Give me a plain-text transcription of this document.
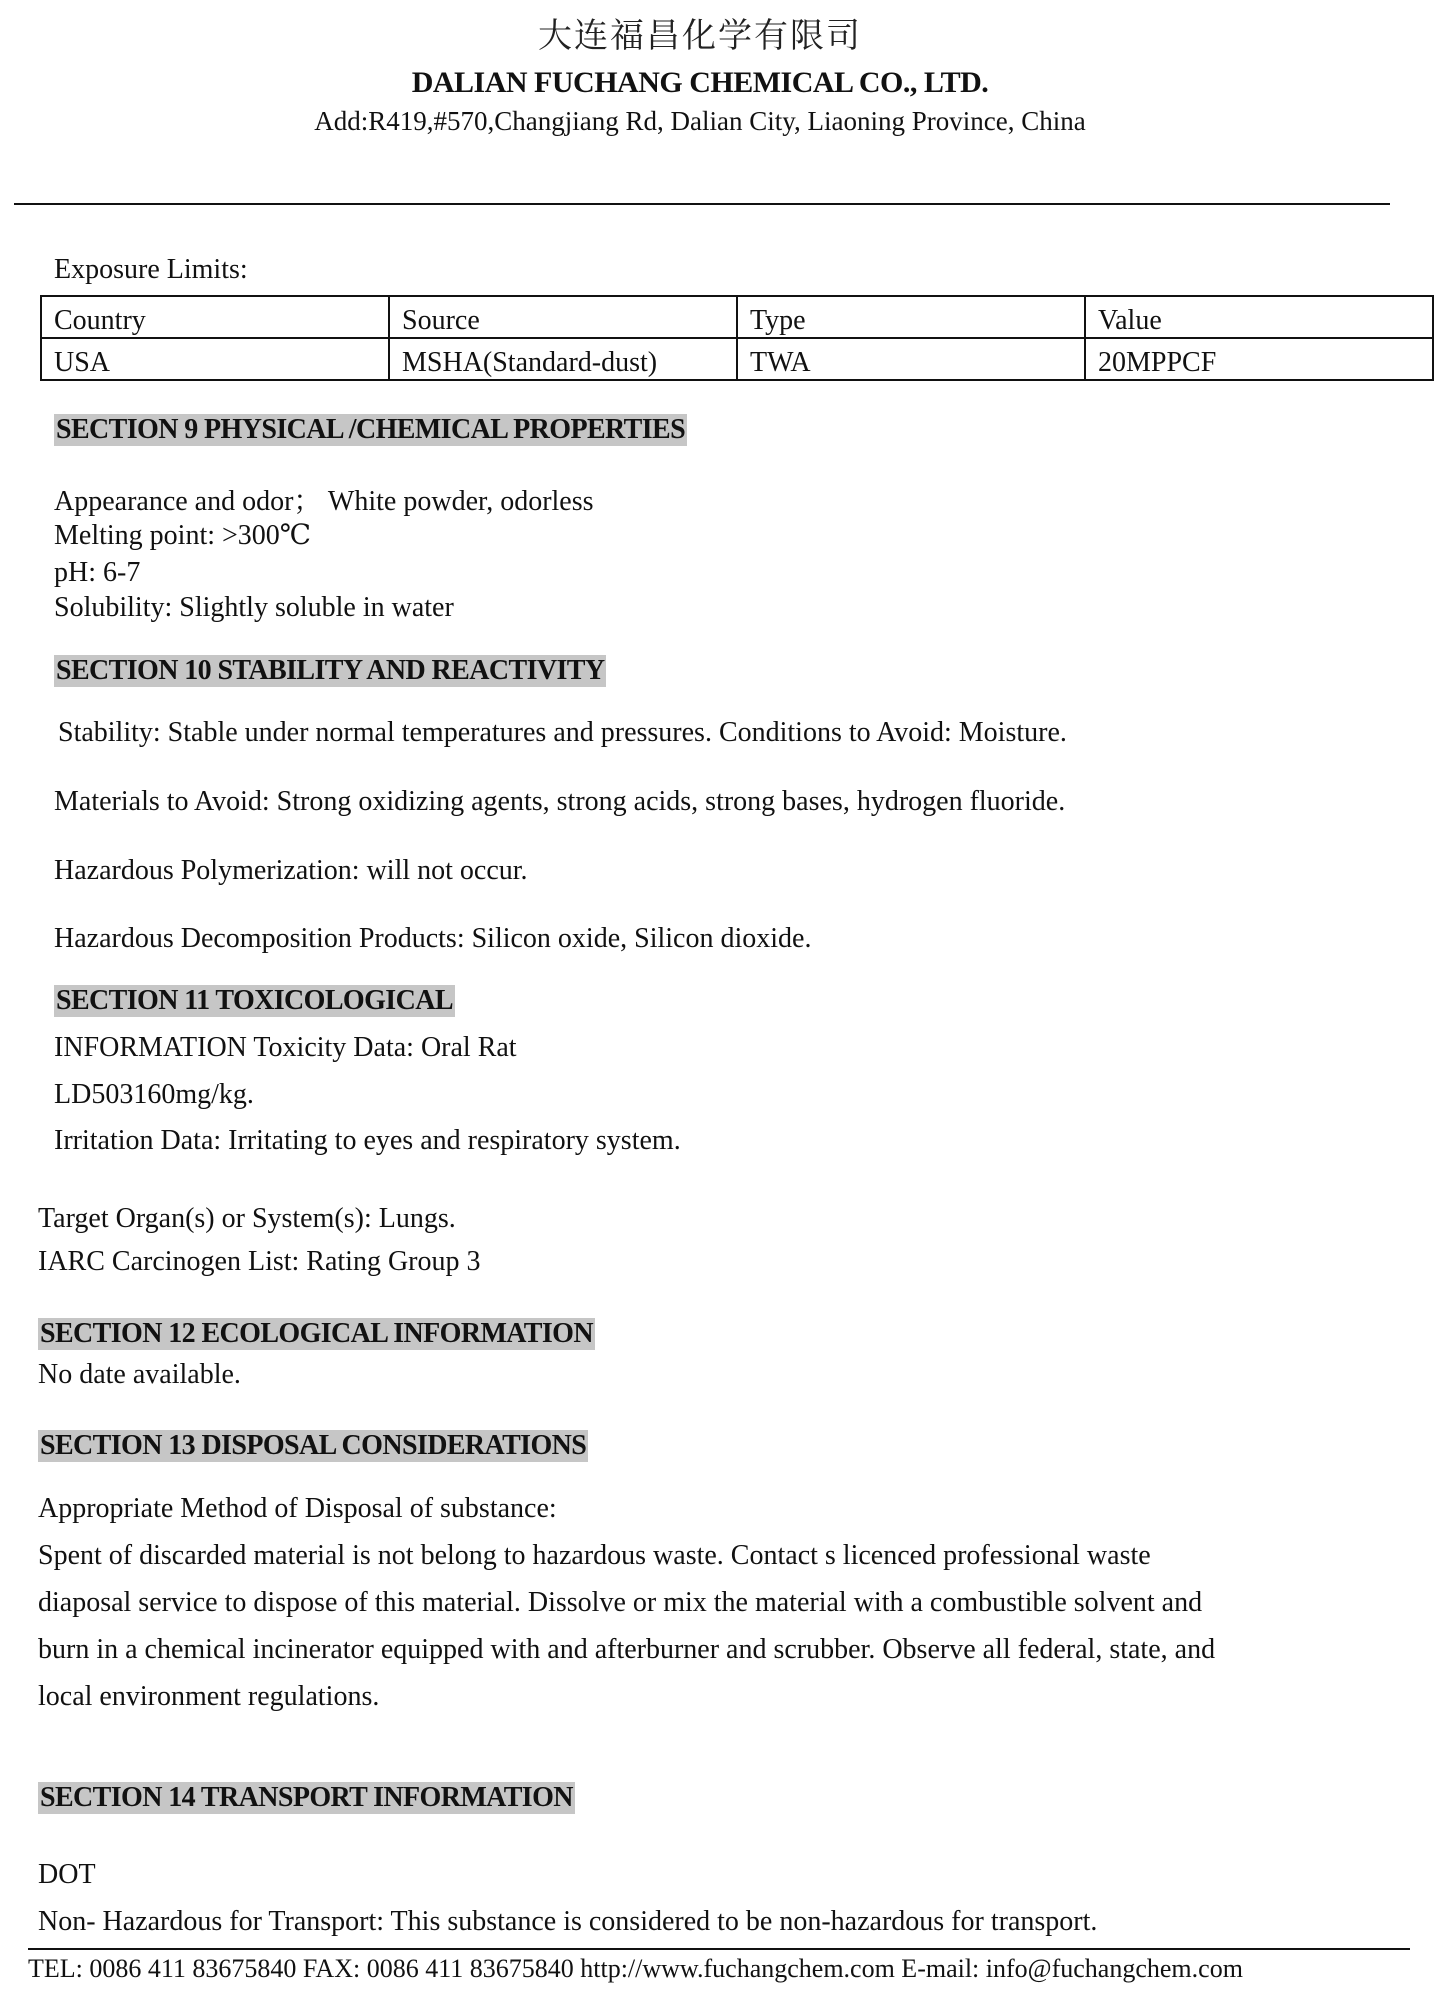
大连福昌化学有限司
DALIAN FUCHANG CHEMICAL CO., LTD.
Add:R419,#570,Changjiang Rd, Dalian City, Liaoning Province, China
Exposure Limits:
Country	Source	Type	Value
USA	MSHA(Standard-dust)	TWA	20MPPCF
SECTION 9 PHYSICAL /CHEMICAL PROPERTIES
Appearance and odor； White powder, odorless
Melting point: >300℃
pH: 6-7
Solubility: Slightly soluble in water
SECTION 10 STABILITY AND REACTIVITY
Stability: Stable under normal temperatures and pressures. Conditions to Avoid: Moisture.
Materials to Avoid: Strong oxidizing agents, strong acids, strong bases, hydrogen fluoride.
Hazardous Polymerization: will not occur.
Hazardous Decomposition Products: Silicon oxide, Silicon dioxide.
SECTION 11 TOXICOLOGICAL
INFORMATION Toxicity Data: Oral Rat
LD503160mg/kg.
Irritation Data: Irritating to eyes and respiratory system.
Target Organ(s) or System(s): Lungs.
IARC Carcinogen List: Rating Group 3
SECTION 12 ECOLOGICAL INFORMATION
No date available.
SECTION 13 DISPOSAL CONSIDERATIONS
Appropriate Method of Disposal of substance:
Spent of discarded material is not belong to hazardous waste. Contact s licenced professional waste
diaposal service to dispose of this material. Dissolve or mix the material with a combustible solvent and
burn in a chemical incinerator equipped with and afterburner and scrubber. Observe all federal, state, and
local environment regulations.
SECTION 14 TRANSPORT INFORMATION
DOT
Non- Hazardous for Transport: This substance is considered to be non-hazardous for transport.
TEL: 0086 411 83675840 FAX: 0086 411 83675840 http://www.fuchangchem.com E-mail: info@fuchangchem.com
